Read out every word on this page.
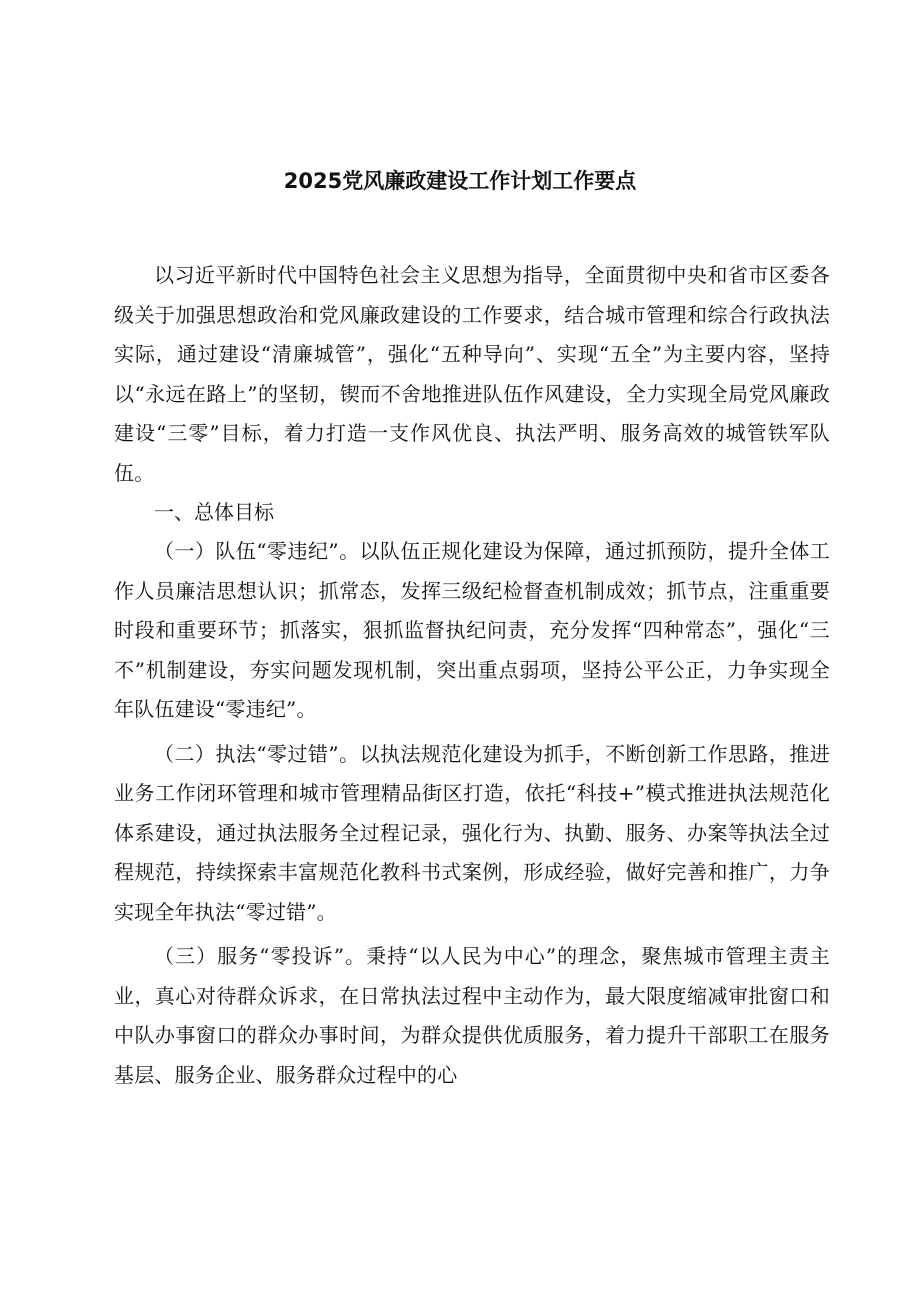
2025党风廉政建设工作计划工作要点

以习近平新时代中国特色社会主义思想为指导，全面贯彻中央和省市区委各级关于加强思想政治和党风廉政建设的工作要求，结合城市管理和综合行政执法实际，通过建设“清廉城管”，强化“五种导向”、实现“五全”为主要内容，坚持以“永远在路上”的坚韧，锲而不舍地推进队伍作风建设，全力实现全局党风廉政建设“三零”目标，着力打造一支作风优良、执法严明、服务高效的城管铁军队伍。

一、总体目标

（一）队伍“零违纪”。以队伍正规化建设为保障，通过抓预防，提升全体工作人员廉洁思想认识；抓常态，发挥三级纪检督查机制成效；抓节点，注重重要时段和重要环节；抓落实，狠抓监督执纪问责，充分发挥“四种常态”，强化“三不”机制建设，夯实问题发现机制，突出重点弱项，坚持公平公正，力争实现全年队伍建设“零违纪”。

（二）执法“零过错”。以执法规范化建设为抓手，不断创新工作思路，推进业务工作闭环管理和城市管理精品街区打造，依托“科技+”模式推进执法规范化体系建设，通过执法服务全过程记录，强化行为、执勤、服务、办案等执法全过程规范，持续探索丰富规范化教科书式案例，形成经验，做好完善和推广，力争实现全年执法“零过错”。

（三）服务“零投诉”。秉持“以人民为中心”的理念，聚焦城市管理主责主业，真心对待群众诉求，在日常执法过程中主动作为，最大限度缩减审批窗口和中队办事窗口的群众办事时间，为群众提供优质服务，着力提升干部职工在服务基层、服务企业、服务群众过程中的心
